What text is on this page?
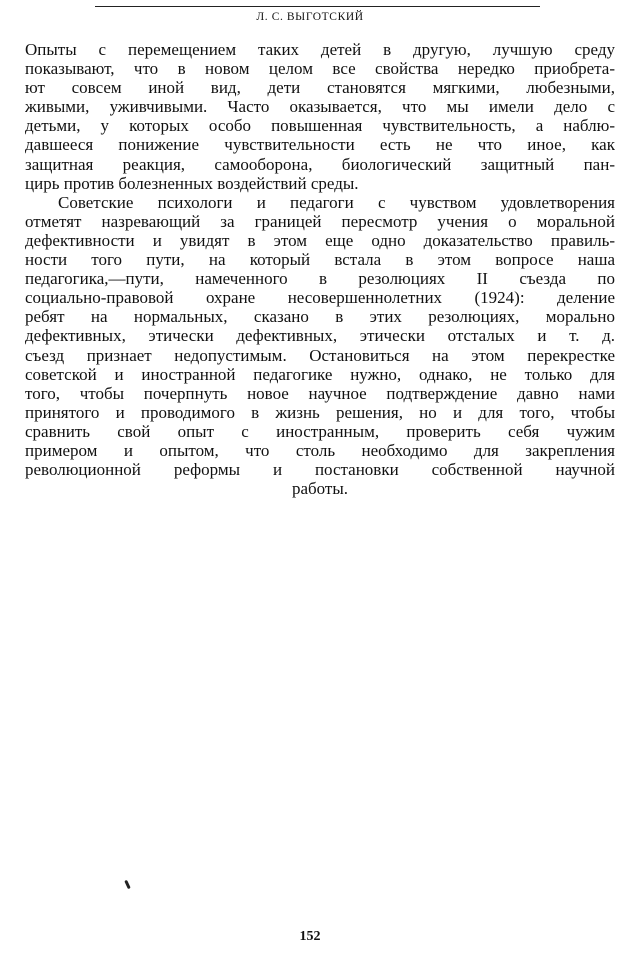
Л. С. ВЫГОТСКИЙ
Опыты с перемещением таких детей в другую, лучшую среду
показывают, что в новом целом все свойства нередко приобрета-
ют совсем иной вид, дети становятся мягкими, любезными,
живыми, уживчивыми. Часто оказывается, что мы имели дело с
детьми, у которых особо повышенная чувствительность, а наблю-
давшееся понижение чувствительности есть не что иное, как
защитная реакция, самооборона, биологический защитный пан-
цирь против болезненных воздействий среды.
Советские психологи и педагоги с чувством удовлетворения
отметят назревающий за границей пересмотр учения о моральной
дефективности и увидят в этом еще одно доказательство правиль-
ности того пути, на который встала в этом вопросе наша
педагогика,—пути, намеченного в резолюциях II съезда по
социально-правовой охране несовершеннолетних (1924): деление
ребят на нормальных, сказано в этих резолюциях, морально
дефективных, этически дефективных, этически отсталых и т. д.
съезд признает недопустимым. Остановиться на этом перекрестке
советской и иностранной педагогике нужно, однако, не только для
того, чтобы почерпнуть новое научное подтверждение давно нами
принятого и проводимого в жизнь решения, но и для того, чтобы
сравнить свой опыт с иностранным, проверить себя чужим
примером и опытом, что столь необходимо для закрепления
революционной реформы и постановки собственной научной
работы.
152
